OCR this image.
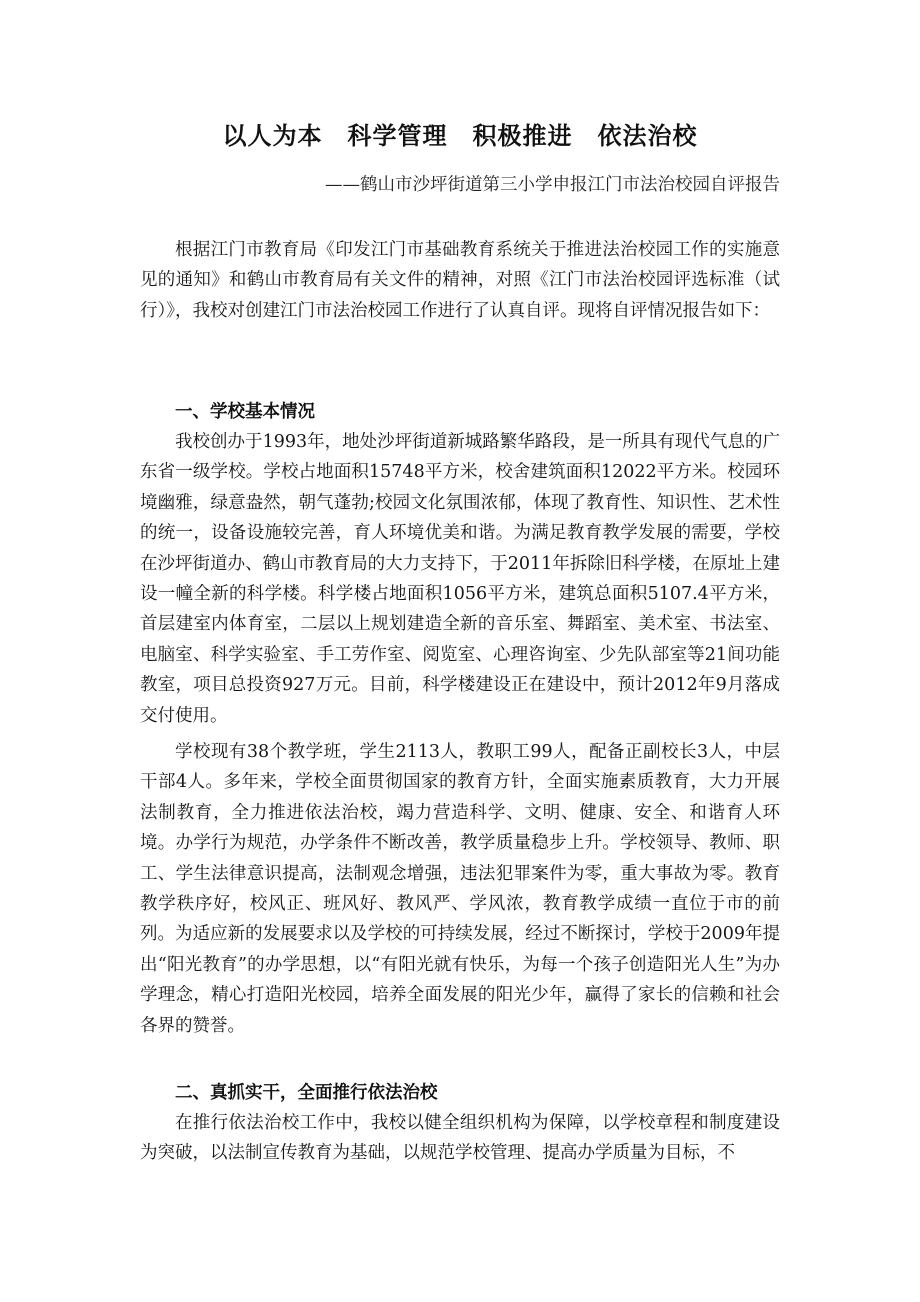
以人为本　科学管理　积极推进　依法治校

——鹤山市沙坪街道第三小学申报江门市法治校园自评报告

根据江门市教育局《印发江门市基础教育系统关于推进法治校园工作的实施意见的通知》和鹤山市教育局有关文件的精神，对照《江门市法治校园评选标准（试行）》，我校对创建江门市法治校园工作进行了认真自评。现将自评情况报告如下：

一、学校基本情况

我校创办于1993年，地处沙坪街道新城路繁华路段，是一所具有现代气息的广东省一级学校。学校占地面积15748平方米，校舍建筑面积12022平方米。校园环境幽雅，绿意盎然，朝气蓬勃;校园文化氛围浓郁，体现了教育性、知识性、艺术性的统一，设备设施较完善，育人环境优美和谐。为满足教育教学发展的需要，学校在沙坪街道办、鹤山市教育局的大力支持下，于2011年拆除旧科学楼，在原址上建设一幢全新的科学楼。科学楼占地面积1056平方米，建筑总面积5107.4平方米，首层建室内体育室，二层以上规划建造全新的音乐室、舞蹈室、美术室、书法室、电脑室、科学实验室、手工劳作室、阅览室、心理咨询室、少先队部室等21间功能教室，项目总投资927万元。目前，科学楼建设正在建设中，预计2012年9月落成交付使用。

学校现有38个教学班，学生2113人，教职工99人，配备正副校长3人，中层干部4人。多年来，学校全面贯彻国家的教育方针，全面实施素质教育，大力开展法制教育，全力推进依法治校，竭力营造科学、文明、健康、安全、和谐育人环境。办学行为规范，办学条件不断改善，教学质量稳步上升。学校领导、教师、职工、学生法律意识提高，法制观念增强，违法犯罪案件为零，重大事故为零。教育教学秩序好，校风正、班风好、教风严、学风浓，教育教学成绩一直位于市的前列。为适应新的发展要求以及学校的可持续发展，经过不断探讨，学校于2009年提出“阳光教育”的办学思想，以“有阳光就有快乐，为每一个孩子创造阳光人生”为办学理念，精心打造阳光校园，培养全面发展的阳光少年，赢得了家长的信赖和社会各界的赞誉。

二、真抓实干，全面推行依法治校

在推行依法治校工作中，我校以健全组织机构为保障，以学校章程和制度建设为突破，以法制宣传教育为基础，以规范学校管理、提高办学质量为目标，不
